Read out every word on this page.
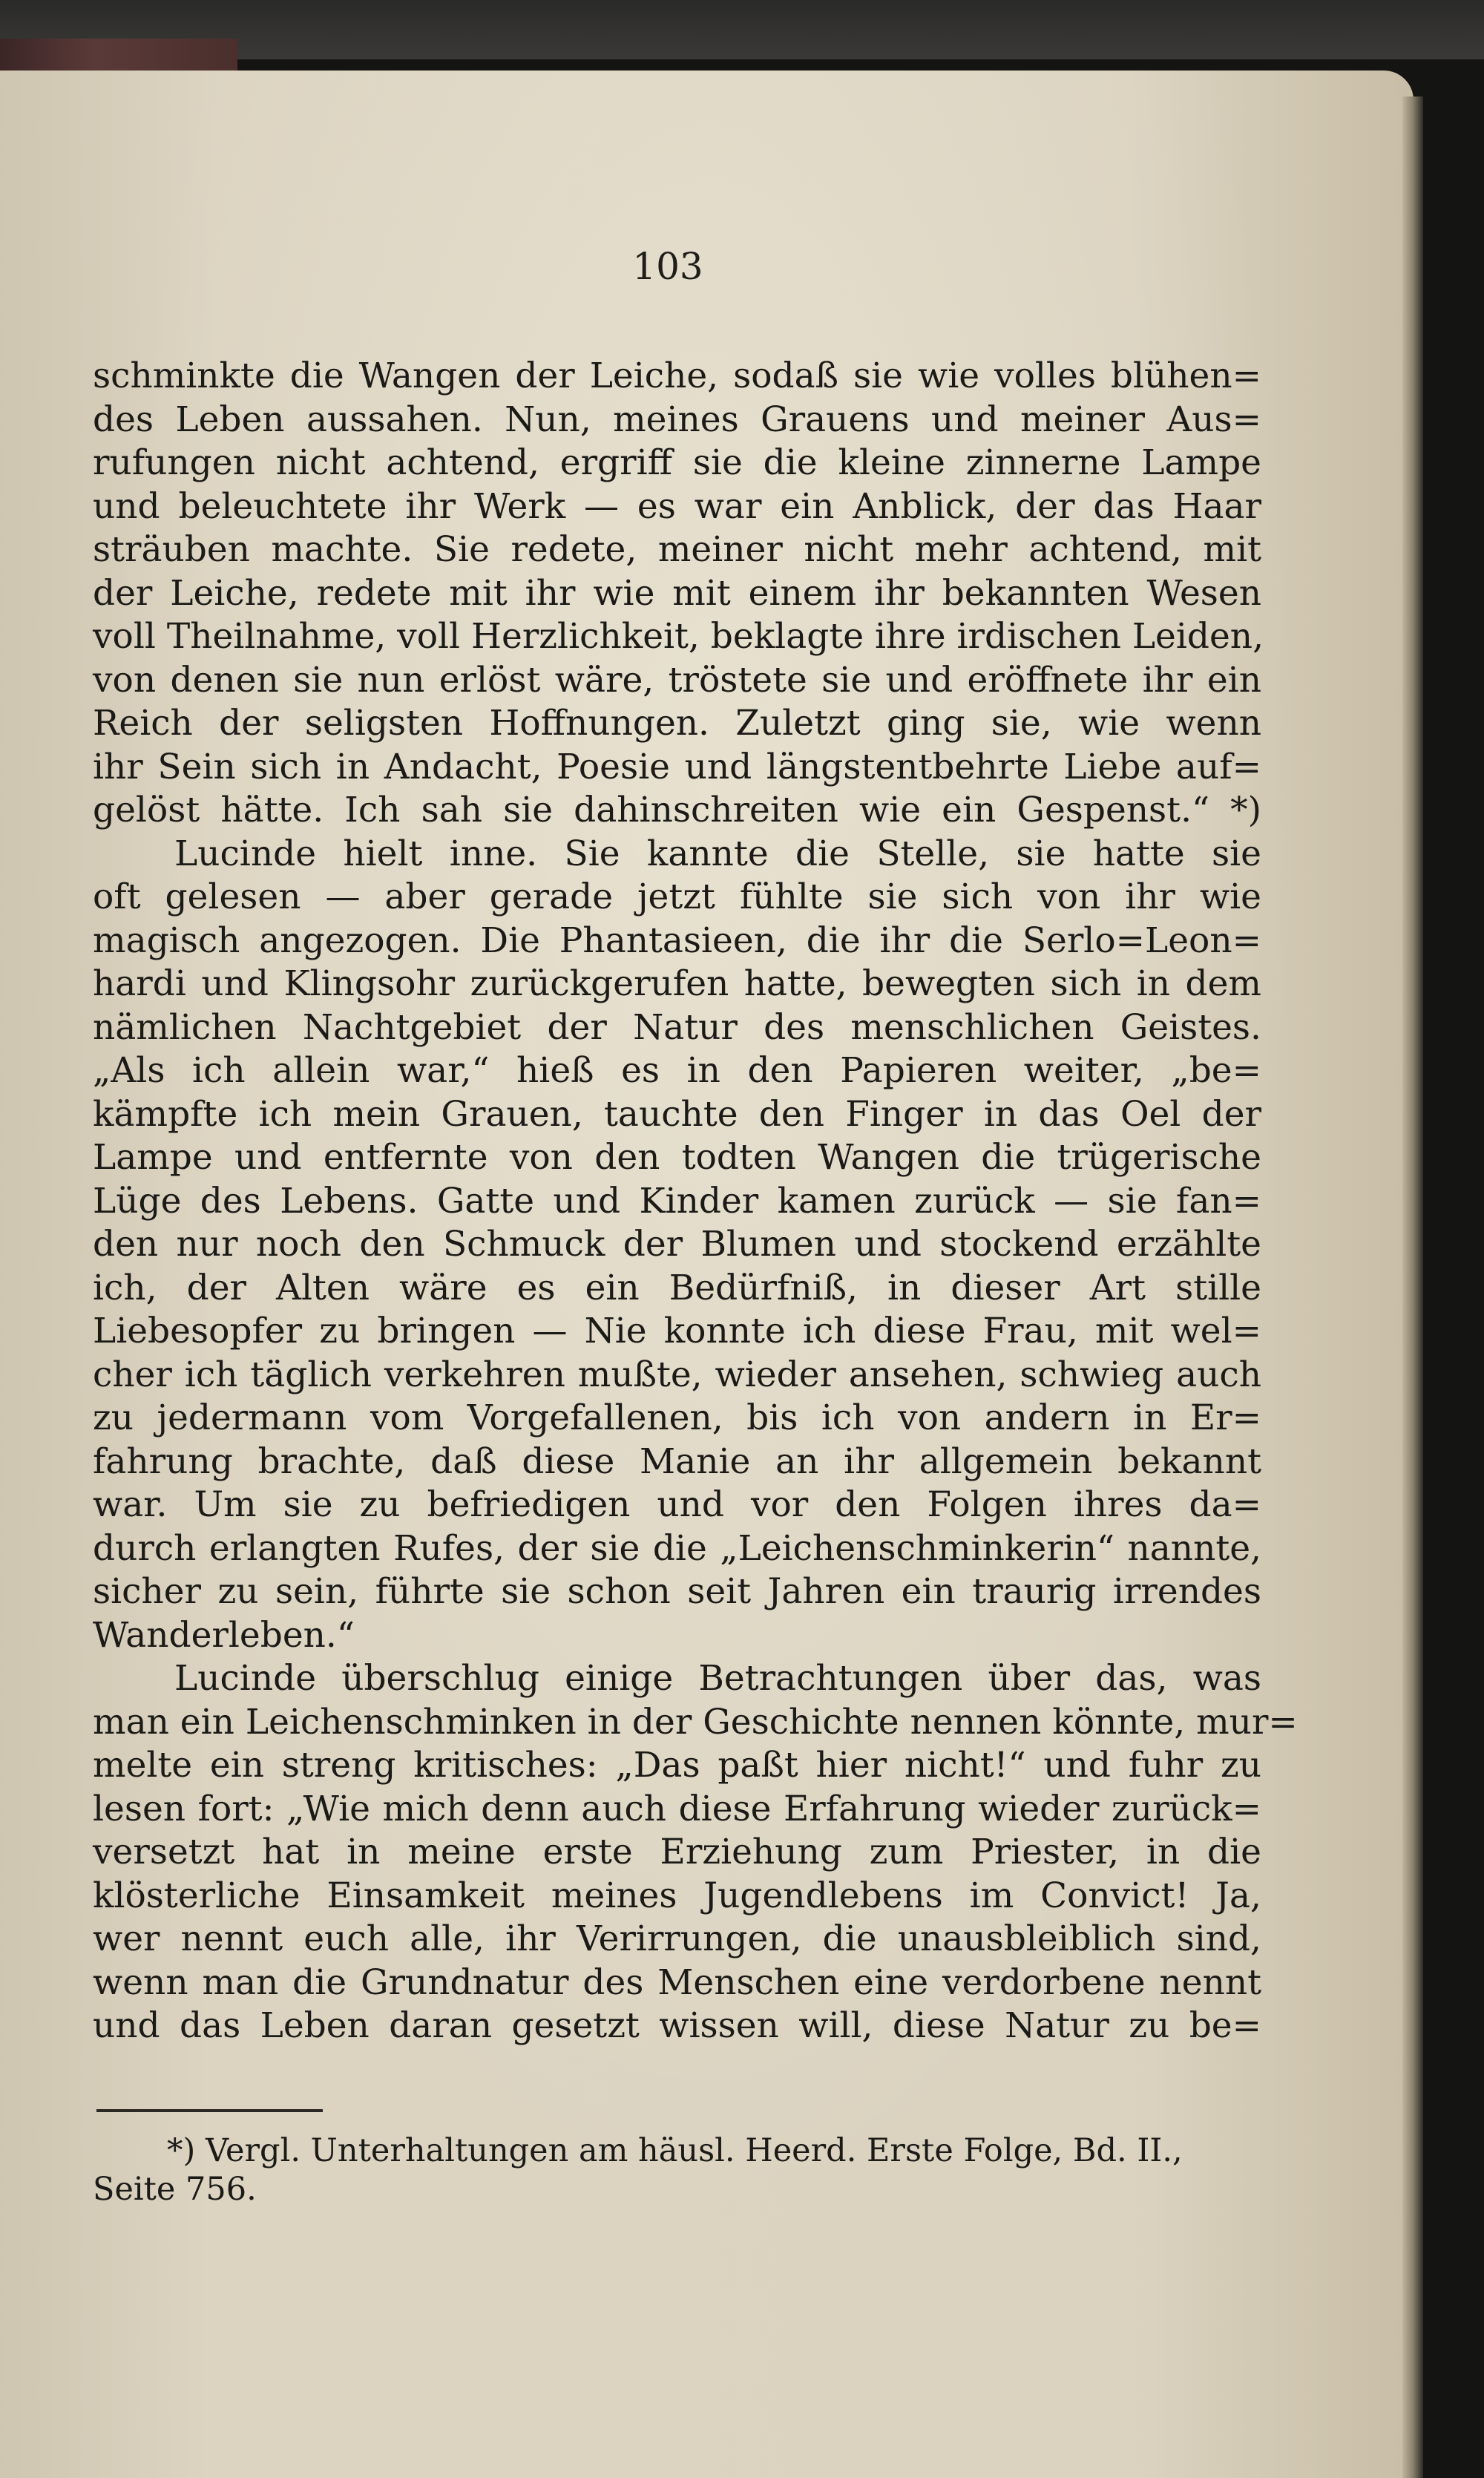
103
schminkte die Wangen der Leiche, sodaß sie wie volles blühen=
des Leben aussahen. Nun, meines Grauens und meiner Aus=
rufungen nicht achtend, ergriff sie die kleine zinnerne Lampe
und beleuchtete ihr Werk — es war ein Anblick, der das Haar
sträuben machte. Sie redete, meiner nicht mehr achtend, mit
der Leiche, redete mit ihr wie mit einem ihr bekannten Wesen
voll Theilnahme, voll Herzlichkeit, beklagte ihre irdischen Leiden,
von denen sie nun erlöst wäre, tröstete sie und eröffnete ihr ein
Reich der seligsten Hoffnungen. Zuletzt ging sie, wie wenn
ihr Sein sich in Andacht, Poesie und längstentbehrte Liebe auf=
gelöst hätte. Ich sah sie dahinschreiten wie ein Gespenst.“ *)
Lucinde hielt inne. Sie kannte die Stelle, sie hatte sie
oft gelesen — aber gerade jetzt fühlte sie sich von ihr wie
magisch angezogen. Die Phantasieen, die ihr die Serlo=Leon=
hardi und Klingsohr zurückgerufen hatte, bewegten sich in dem
nämlichen Nachtgebiet der Natur des menschlichen Geistes.
„Als ich allein war,“ hieß es in den Papieren weiter, „be=
kämpfte ich mein Grauen, tauchte den Finger in das Oel der
Lampe und entfernte von den todten Wangen die trügerische
Lüge des Lebens. Gatte und Kinder kamen zurück — sie fan=
den nur noch den Schmuck der Blumen und stockend erzählte
ich, der Alten wäre es ein Bedürfniß, in dieser Art stille
Liebesopfer zu bringen — Nie konnte ich diese Frau, mit wel=
cher ich täglich verkehren mußte, wieder ansehen, schwieg auch
zu jedermann vom Vorgefallenen, bis ich von andern in Er=
fahrung brachte, daß diese Manie an ihr allgemein bekannt
war. Um sie zu befriedigen und vor den Folgen ihres da=
durch erlangten Rufes, der sie die „Leichenschminkerin“ nannte,
sicher zu sein, führte sie schon seit Jahren ein traurig irrendes
Wanderleben.“
Lucinde überschlug einige Betrachtungen über das, was
man ein Leichenschminken in der Geschichte nennen könnte, mur=
melte ein streng kritisches: „Das paßt hier nicht!“ und fuhr zu
lesen fort: „Wie mich denn auch diese Erfahrung wieder zurück=
versetzt hat in meine erste Erziehung zum Priester, in die
klösterliche Einsamkeit meines Jugendlebens im Convict! Ja,
wer nennt euch alle, ihr Verirrungen, die unausbleiblich sind,
wenn man die Grundnatur des Menschen eine verdorbene nennt
und das Leben daran gesetzt wissen will, diese Natur zu be=
*) Vergl. Unterhaltungen am häusl. Heerd. Erste Folge, Bd. II.,
Seite 756.
